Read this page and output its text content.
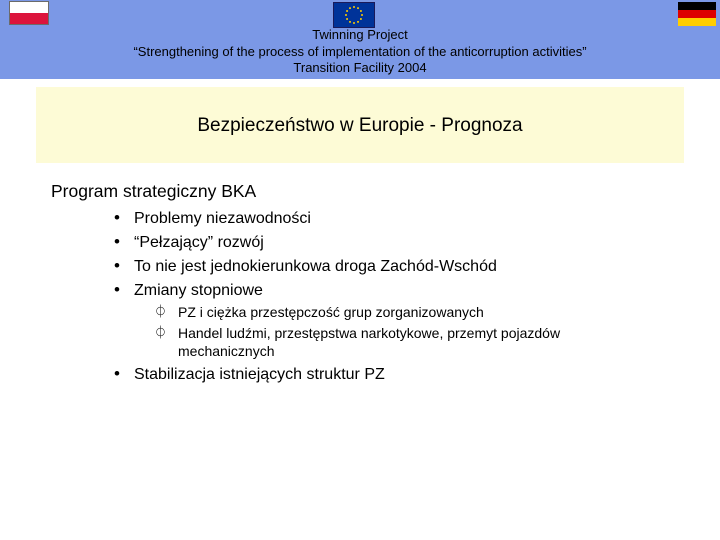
Twinning Project
“Strengthening of the process of implementation of the anticorruption activities”
Transition Facility 2004
Bezpieczeństwo w Europie - Prognoza
Program strategiczny BKA
• Problemy niezawodności
• “Pełzający” rozwój
• To nie jest jednokierunkowa droga Zachód-Wschód
• Zmiany stopniowe
⏀ PZ i ciężka przestępczość grup zorganizowanych
⏀ Handel ludźmi, przestępstwa narkotykowe, przemyt pojazdów mechanicznych
• Stabilizacja istniejących struktur PZ
